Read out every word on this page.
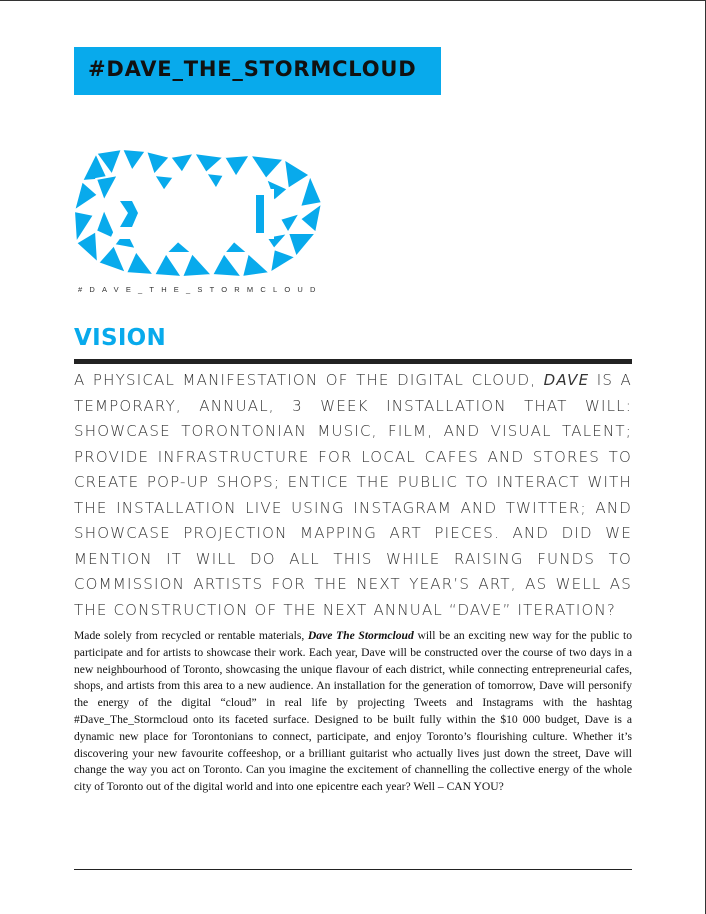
#DAVE_THE_STORMCLOUD
#DAVE_THE_STORMCLOUD
VISION
A PHYSICAL MANIFESTATION OF THE DIGITAL CLOUD, DAVE IS A TEMPORARY, ANNUAL, 3 WEEK INSTALLATION THAT WILL: SHOWCASE TORONTONIAN MUSIC, FILM, AND VISUAL TALENT; PROVIDE INFRASTRUCTURE FOR LOCAL CAFES AND STORES TO CREATE POP-UP SHOPS; ENTICE THE PUBLIC TO INTERACT WITH THE INSTALLATION LIVE USING INSTAGRAM AND TWITTER; AND SHOWCASE PROJECTION MAPPING ART PIECES. AND DID WE MENTION IT WILL DO ALL THIS WHILE RAISING FUNDS TO COMMISSION ARTISTS FOR THE NEXT YEAR’S ART, AS WELL AS THE CONSTRUCTION OF THE NEXT ANNUAL “DAVE” ITERATION?
Made solely from recycled or rentable materials, Dave The Stormcloud will be an exciting new way for the public to participate and for artists to showcase their work. Each year, Dave will be constructed over the course of two days in a new neighbourhood of Toronto, showcasing the unique flavour of each district, while connecting entrepreneurial cafes, shops, and artists from this area to a new audience. An installation for the generation of tomorrow, Dave will personify the energy of the digital “cloud” in real life by projecting Tweets and Instagrams with the hashtag #Dave_The_Stormcloud onto its faceted surface. Designed to be built fully within the $10 000 budget, Dave is a dynamic new place for Torontonians to connect, participate, and enjoy Toronto’s flourishing culture. Whether it’s discovering your new favourite coffeeshop, or a brilliant guitarist who actually lives just down the street, Dave will change the way you act on Toronto. Can you imagine the excitement of channelling the collective energy of the whole city of Toronto out of the digital world and into one epicentre each year? Well – CAN YOU?
